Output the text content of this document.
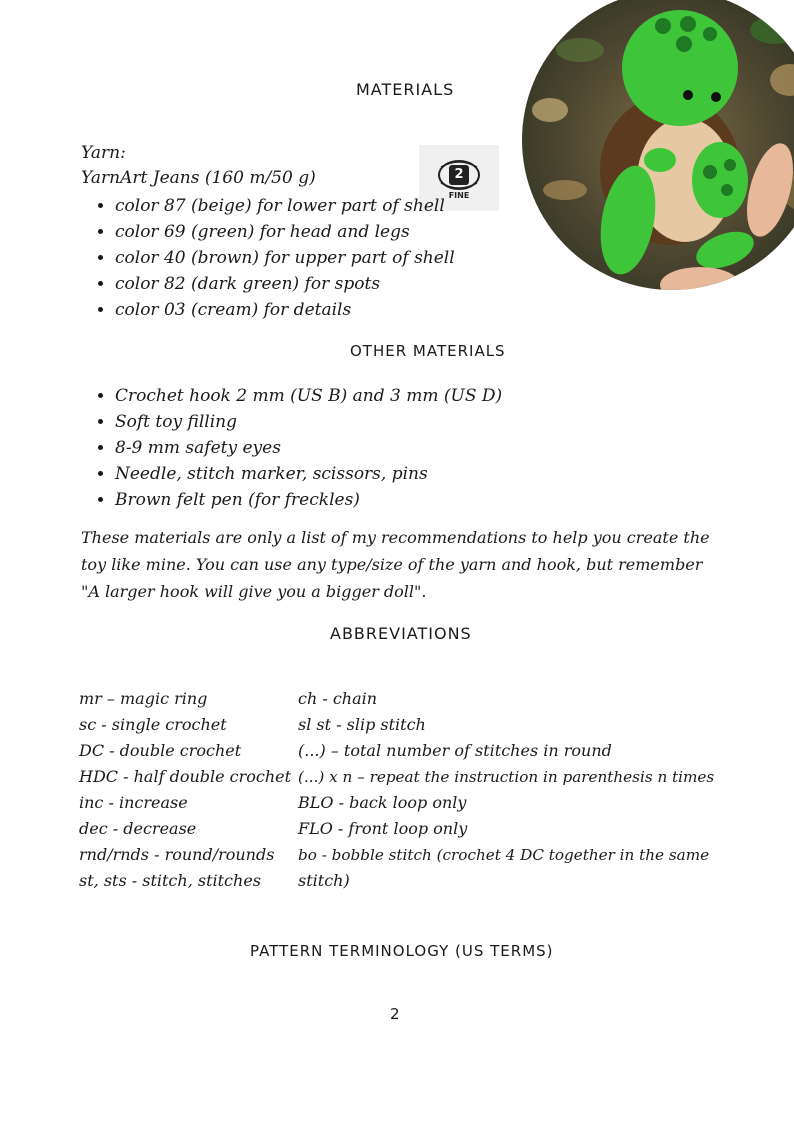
2
FINE
MATERIALS
Yarn:
YarnArt Jeans (160 m/50 g)
• color 87 (beige) for lower part of shell
• color 69 (green) for head and legs
• color 40 (brown) for upper part of shell
• color 82 (dark green) for spots
• color 03 (cream) for details
OTHER MATERIALS
• Crochet hook 2 mm (US B) and 3 mm (US D)
• Soft toy filling
• 8-9 mm safety eyes
• Needle, stitch marker, scissors, pins
• Brown felt pen (for freckles)
These materials are only a list of my recommendations to help you create the toy like mine. You can use any type/size of the yarn and hook, but remember "A larger hook will give you a bigger doll".
ABBREVIATIONS
mr – magic ring
sc - single crochet
DC - double crochet
HDC - half double crochet
inc - increase
dec - decrease
rnd/rnds - round/rounds
st, sts - stitch, stitches
ch - chain
sl st - slip stitch
(...) – total number of stitches in round
(...) x n – repeat the instruction in parenthesis n times
BLO - back loop only
FLO - front loop only
bo - bobble stitch (crochet 4 DC together in the same
stitch)
PATTERN TERMINOLOGY (US TERMS)
2
